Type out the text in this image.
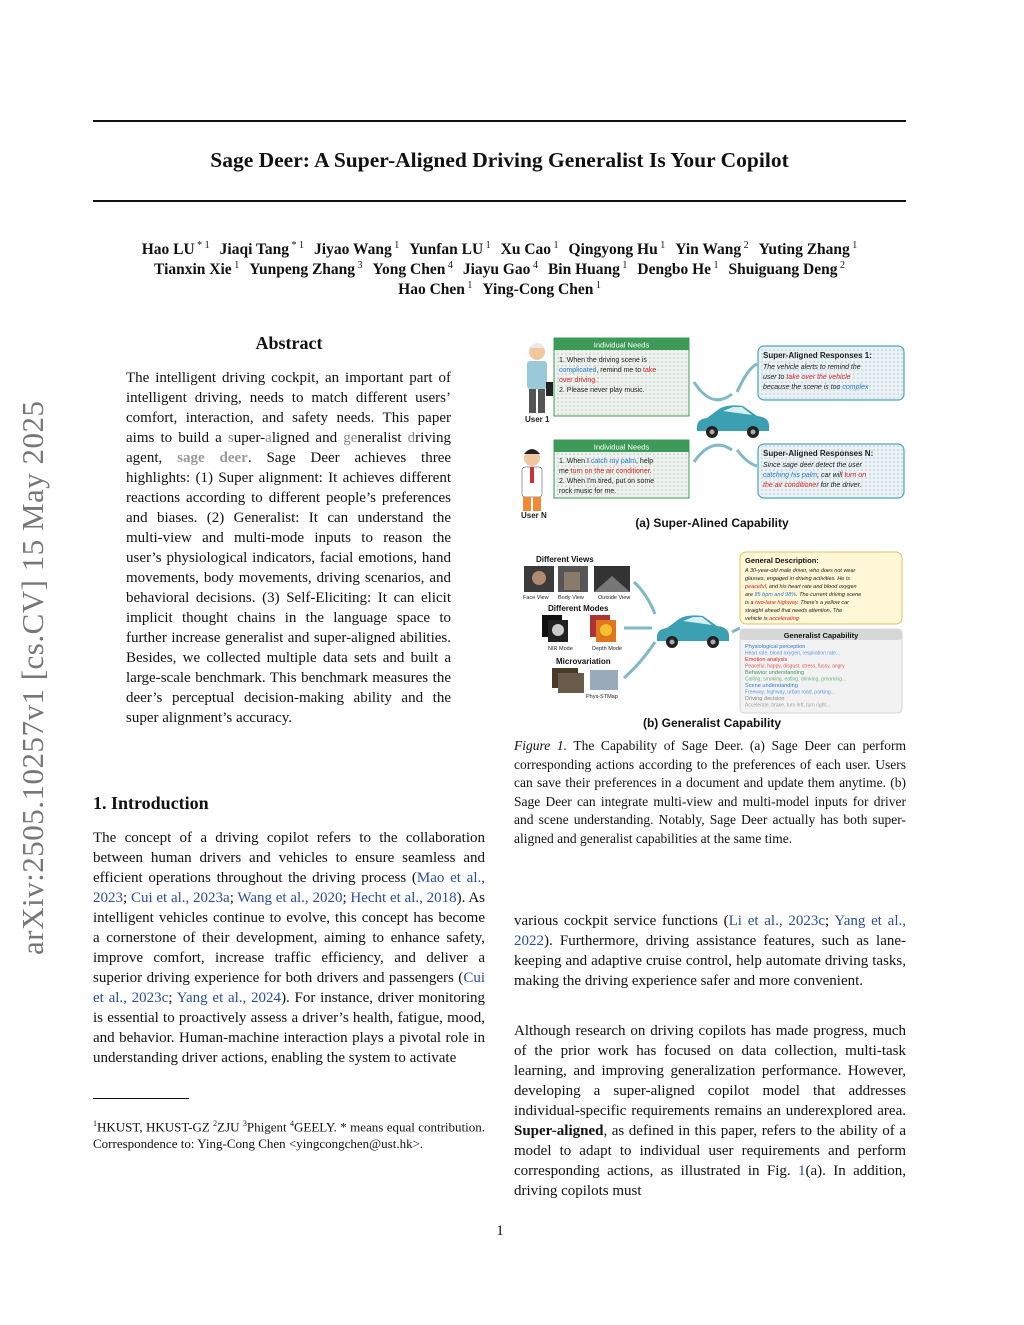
arXiv:2505.10257v1 [cs.CV] 15 May 2025
Sage Deer: A Super-Aligned Driving Generalist Is Your Copilot
Hao LU $^{* 1}$ Jiaqi Tang $^{* 1}$ Jiyao Wang $^1$ Yunfan LU $^1$ Xu Cao $^1$ Qingyong Hu $^1$ Yin Wang $^2$ Yuting Zhang $^1$
Tianxin Xie $^1$ Yunpeng Zhang $^3$ Yong Chen $^4$ Jiayu Gao $^4$ Bin Huang $^1$ Dengbo He $^1$ Shuiguang Deng $^2$
Hao Chen $^1$ Ying-Cong Chen $^1$
Abstract
The intelligent driving cockpit, an important part of intelligent driving, needs to match different users’ comfort, interaction, and safety needs. This paper aims to build a super-aligned and generalist driving agent, sage deer. Sage Deer achieves three highlights: (1) Super alignment: It achieves different reactions according to different people’s preferences and biases. (2) Generalist: It can understand the multi-view and multi-mode inputs to reason the user’s physiological indicators, facial emotions, hand movements, body movements, driving scenarios, and behavioral decisions. (3) Self-Eliciting: It can elicit implicit thought chains in the language space to further increase generalist and super-aligned abilities. Besides, we collected multiple data sets and built a large-scale benchmark. This benchmark measures the deer’s perceptual decision-making ability and the super alignment’s accuracy.
1. Introduction
The concept of a driving copilot refers to the collaboration between human drivers and vehicles to ensure seamless and efficient operations throughout the driving process (Mao et al., 2023; Cui et al., 2023a; Wang et al., 2020; Hecht et al., 2018). As intelligent vehicles continue to evolve, this concept has become a cornerstone of their development, aiming to enhance safety, improve comfort, increase traffic efficiency, and deliver a superior driving experience for both drivers and passengers (Cui et al., 2023c; Yang et al., 2024). For instance, driver monitoring is essential to proactively assess a driver’s health, fatigue, mood, and behavior. Human-machine interaction plays a pivotal role in understanding driver actions, enabling the system to activate
$^1$HKUST, HKUST-GZ $^2$ZJU $^3$Phigent $^4$GEELY. * means equal contribution. Correspondence to: Ying-Cong Chen <yingcongchen@ust.hk>.
various cockpit service functions (Li et al., 2023c; Yang et al., 2022). Furthermore, driving assistance features, such as lane-keeping and adaptive cruise control, help automate driving tasks, making the driving experience safer and more convenient.
Although research on driving copilots has made progress, much of the prior work has focused on data collection, multi-task learning, and improving generalization performance. However, developing a super-aligned copilot model that addresses individual-specific requirements remains an underexplored area. Super-aligned, as defined in this paper, refers to the ability of a model to adapt to individual user requirements and perform corresponding actions, as illustrated in Fig. 1(a). In addition, driving copilots must
User 1
User N
Individual Needs
1. When the driving scene is
complicated, remind me to take
over driving.
2. Please never play music.
Individual Needs
1. When I catch my palm, help
me turn on the air conditioner.
2. When I'm tired, put on some
rock music for me.
Super-Aligned Responses 1:
The vehicle alerts to remind the
user to take over the vehicle
because the scene is too complex
Super-Aligned Responses N:
Since sage deer detect the user
catching his palm, car will turn on
the air conditioner for the driver.
(a) Super-Alined Capability
Different Views
Face View Body View	Outside View
Different Modes
NIR Mode	Depth Mode
Microvariation
Phys-STMap
General Description:
A 30-year-old male driver, who does not wear
glasses, engaged in driving activities. He is
peaceful, and his heart rate and blood oxygen
are 85 bpm and 98%. The current driving scene
is a two-lane highway. There's a yellow car
straight ahead that needs attention. The
vehicle is accelerating
Generalist Capability
Physiological perception
Heart rate, blood oxygen, respiration rate...
Emotion analysis
Peaceful, happy, disgust, stress, fussy, angry
Behavior understanding
Calling, smoking, eating, drinking, grooming...
Scene understanding
Freeway, highway, urban road, parking...
Driving decision
Accelerate, brake, turn left, turn right...
(b) Generalist Capability
Figure 1. The Capability of Sage Deer. (a) Sage Deer can perform corresponding actions according to the preferences of each user. Users can save their preferences in a document and update them anytime. (b) Sage Deer can integrate multi-view and multi-model inputs for driver and scene understanding. Notably, Sage Deer actually has both super-aligned and generalist capabilities at the same time.
1
